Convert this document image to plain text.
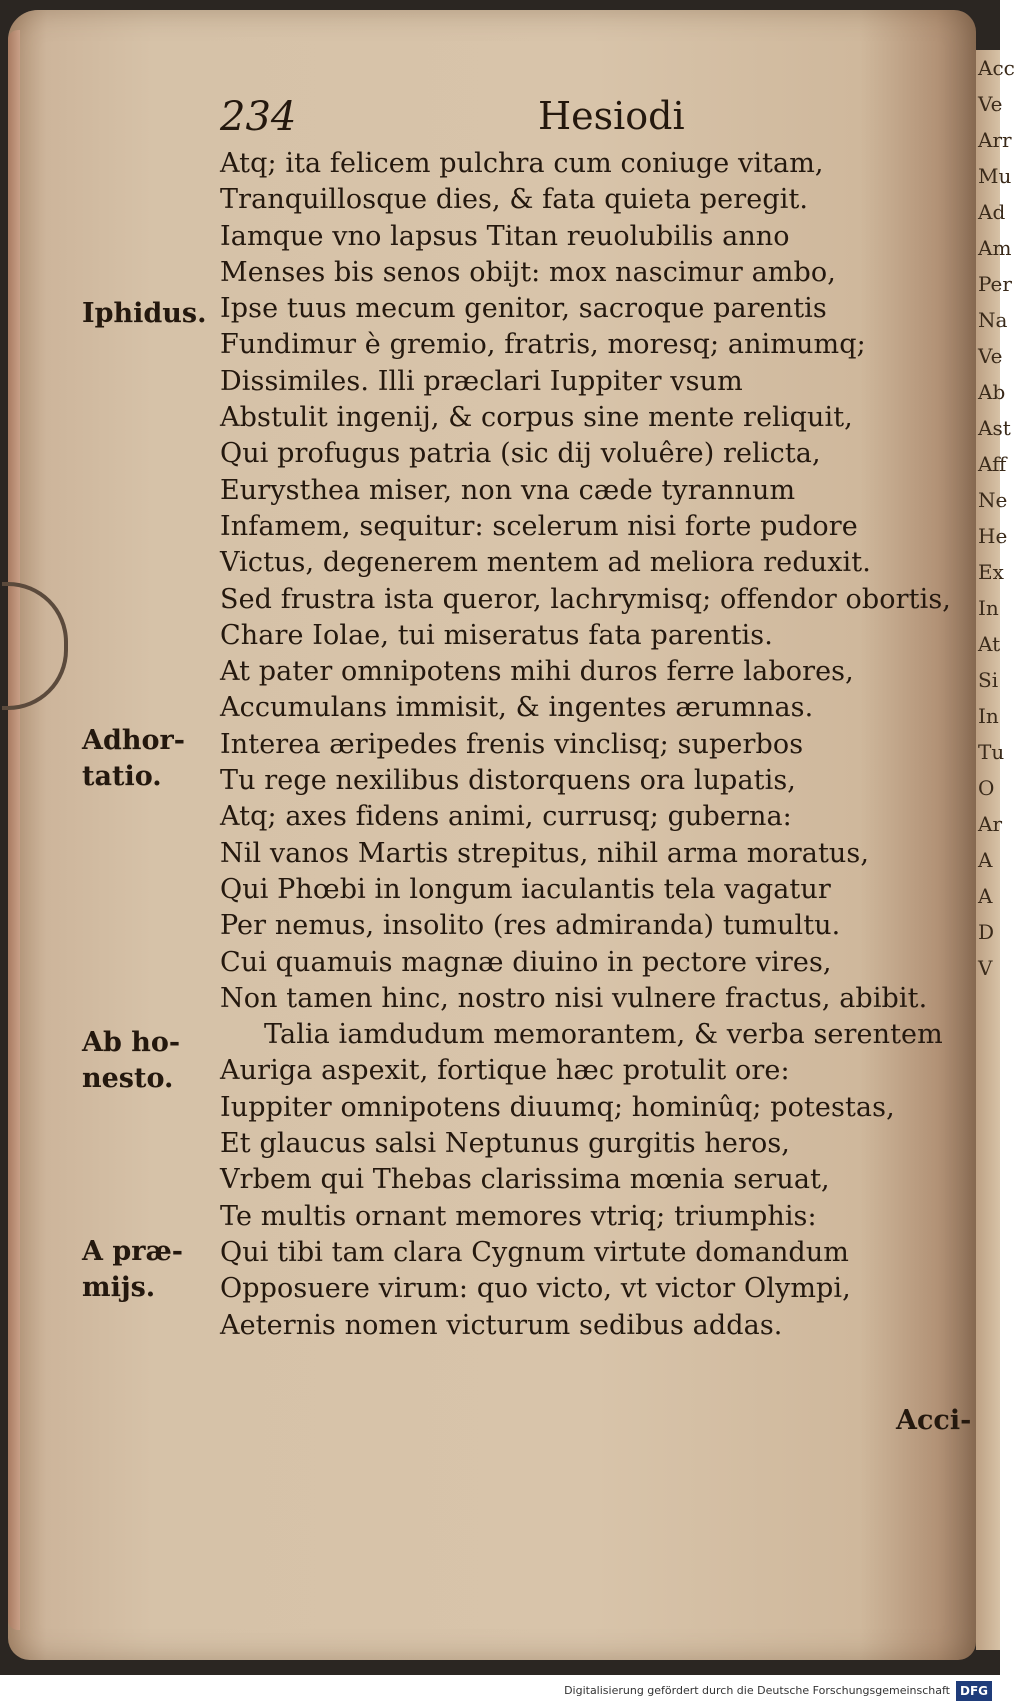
234	Hesiodi
Atq; ita felicem pulchra cum coniuge vitam,
Tranquillosque dies, & fata quieta peregit.
Iamque vno lapsus Titan reuolubilis anno
Menses bis senos obijt: mox nascimur ambo,
Ipse tuus mecum genitor, sacroque parentis
Fundimur è gremio, fratris, moresq; animumq;
Dissimiles. Illi præclari Iuppiter vsum
Abstulit ingenij, & corpus sine mente reliquit,
Qui profugus patria (sic dij voluêre) relicta,
Eurysthea miser, non vna cæde tyrannum
Infamem, sequitur: scelerum nisi forte pudore
Victus, degenerem mentem ad meliora reduxit.
Sed frustra ista queror, lachrymisq; offendor obortis,
Chare Iolae, tui miseratus fata parentis.
At pater omnipotens mihi duros ferre labores,
Accumulans immisit, & ingentes ærumnas.
Interea æripedes frenis vinclisq; superbos
Tu rege nexilibus distorquens ora lupatis,
Atq; axes fidens animi, currusq; guberna:
Nil vanos Martis strepitus, nihil arma moratus,
Qui Phœbi in longum iaculantis tela vagatur
Per nemus, insolito (res admiranda) tumultu.
Cui quamuis magnæ diuino in pectore vires,
Non tamen hinc, nostro nisi vulnere fractus, abibit.
Talia iamdudum memorantem, & verba serentem
Auriga aspexit, fortique hæc protulit ore:
Iuppiter omnipotens diuumq; hominûq; potestas,
Et glaucus salsi Neptunus gurgitis heros,
Vrbem qui Thebas clarissima mœnia seruat,
Te multis ornant memores vtriq; triumphis:
Qui tibi tam clara Cygnum virtute domandum
Opposuere virum: quo victo, vt victor Olympi,
Aeternis nomen victurum sedibus addas.
Iphidus.
Adhor-
tatio.
Ab ho-
nesto.
A præ-
mijs.
Acci-
Acc
Ve
Arr
Mu
Ad
Am
Per
Na
Ve
Ab
Ast
Aff
Ne
He
Ex
In
At
Si
In
Tu
O
Ar
A
A
D
V
Digitalisierung gefördert durch die Deutsche Forschungsgemeinschaft DFG
